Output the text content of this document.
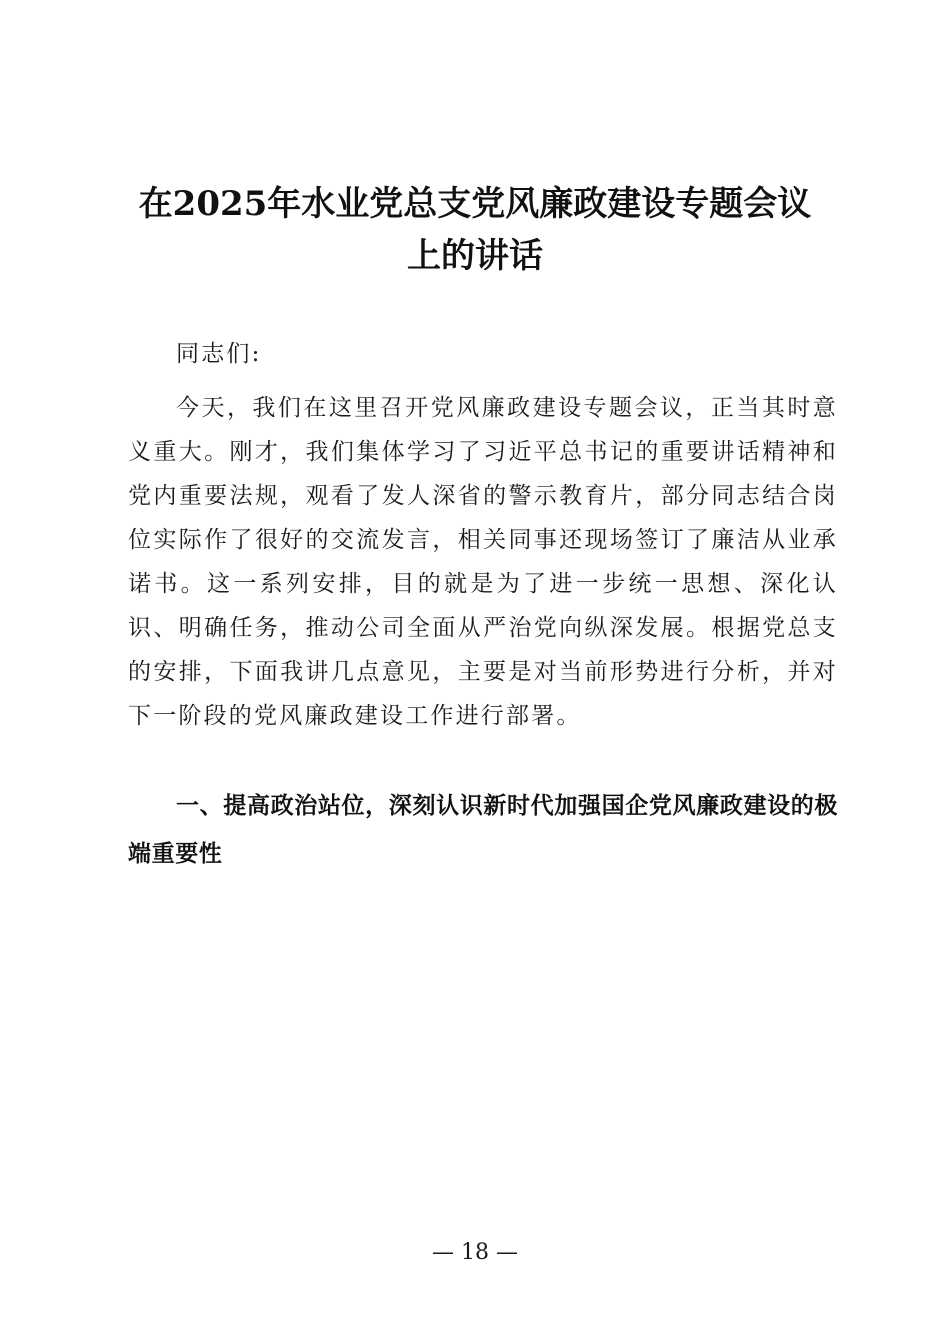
在2025年水业党总支党风廉政建设专题会议
上的讲话
同志们:
今天，我们在这里召开党风廉政建设专题会议，正当其时意义重大。刚才，我们集体学习了习近平总书记的重要讲话精神和党内重要法规，观看了发人深省的警示教育片，部分同志结合岗位实际作了很好的交流发言，相关同事还现场签订了廉洁从业承诺书。这一系列安排，目的就是为了进一步统一思想、深化认识、明确任务，推动公司全面从严治党向纵深发展。根据党总支的安排，下面我讲几点意见，主要是对当前形势进行分析，并对下一阶段的党风廉政建设工作进行部署。
一、提高政治站位，深刻认识新时代加强国企党风廉政建设的极端重要性
— 18 —
